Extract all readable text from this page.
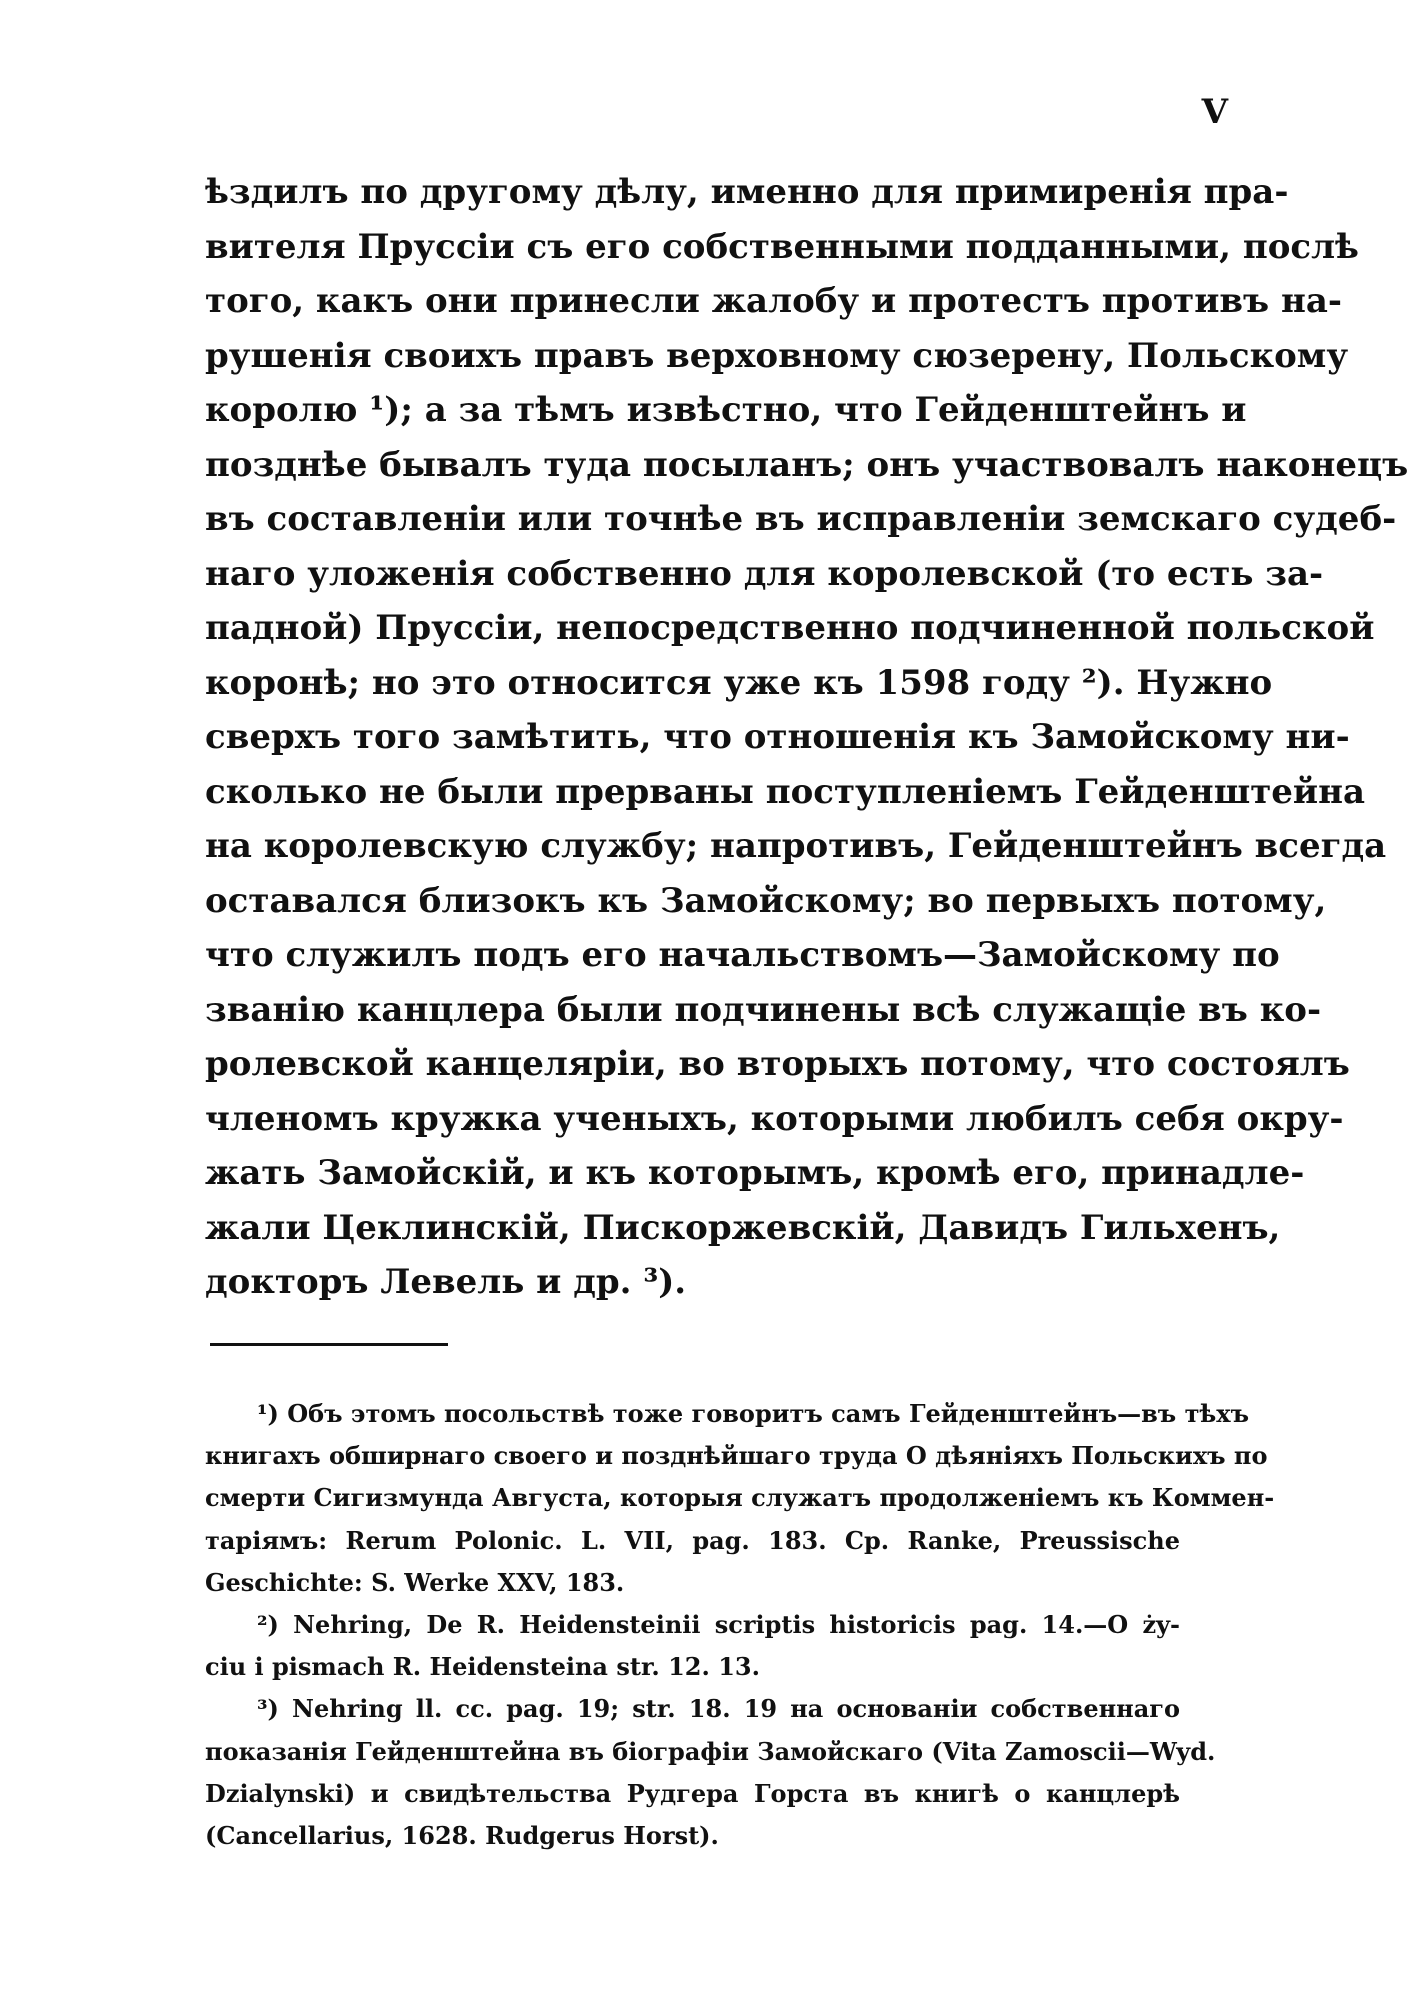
V
ѣздилъ по другому дѣлу, именно для примиренія пра-
вителя Пруссіи съ его собственными подданными, послѣ
того, какъ они принесли жалобу и протестъ противъ на-
рушенія своихъ правъ верховному сюзерену, Польскому
королю ¹); а за тѣмъ извѣстно, что Гейденштейнъ и
позднѣе бывалъ туда посыланъ; онъ участвовалъ наконецъ
въ составленіи или точнѣе въ исправленіи земскаго судеб-
наго уложенія собственно для королевской (то есть за-
падной) Пруссіи, непосредственно подчиненной польской
коронѣ; но это относится уже къ 1598 году ²). Нужно
сверхъ того замѣтить, что отношенія къ Замойскому ни-
сколько не были прерваны поступленіемъ Гейденштейна
на королевскую службу; напротивъ, Гейденштейнъ всегда
оставался близокъ къ Замойскому; во первыхъ потому,
что служилъ подъ его начальствомъ—Замойскому по
званію канцлера были подчинены всѣ служащіе въ ко-
ролевской канцеляріи, во вторыхъ потому, что состоялъ
членомъ кружка ученыхъ, которыми любилъ себя окру-
жать Замойскій, и къ которымъ, кромѣ его, принадле-
жали Цеклинскій, Пискоржевскій, Давидъ Гильхенъ,
докторъ Левель и др. ³).
¹) Объ этомъ посольствѣ тоже говоритъ самъ Гейденштейнъ—въ тѣхъ
книгахъ обширнаго своего и позднѣйшаго труда О дѣяніяхъ Польскихъ по
смерти Сигизмунда Августа, которыя служатъ продолженіемъ къ Коммен-
таріямъ: Rerum Polonic. L. VII, pag. 183. Cp. Ranke, Preussische
Geschichte: S. Werke XXV, 183.
²) Nehring, De R. Heidensteinii scriptis historicis pag. 14.—O ży-
ciu i pismach R. Heidensteina str. 12. 13.
³) Nehring ll. cc. pag. 19; str. 18. 19 на основаніи собственнаго
показанія Гейденштейна въ біографіи Замойскаго (Vita Zamoscii—Wyd.
Dzialynski) и свидѣтельства Рудгера Горста въ книгѣ о канцлерѣ
(Cancellarius, 1628. Rudgerus Horst).
